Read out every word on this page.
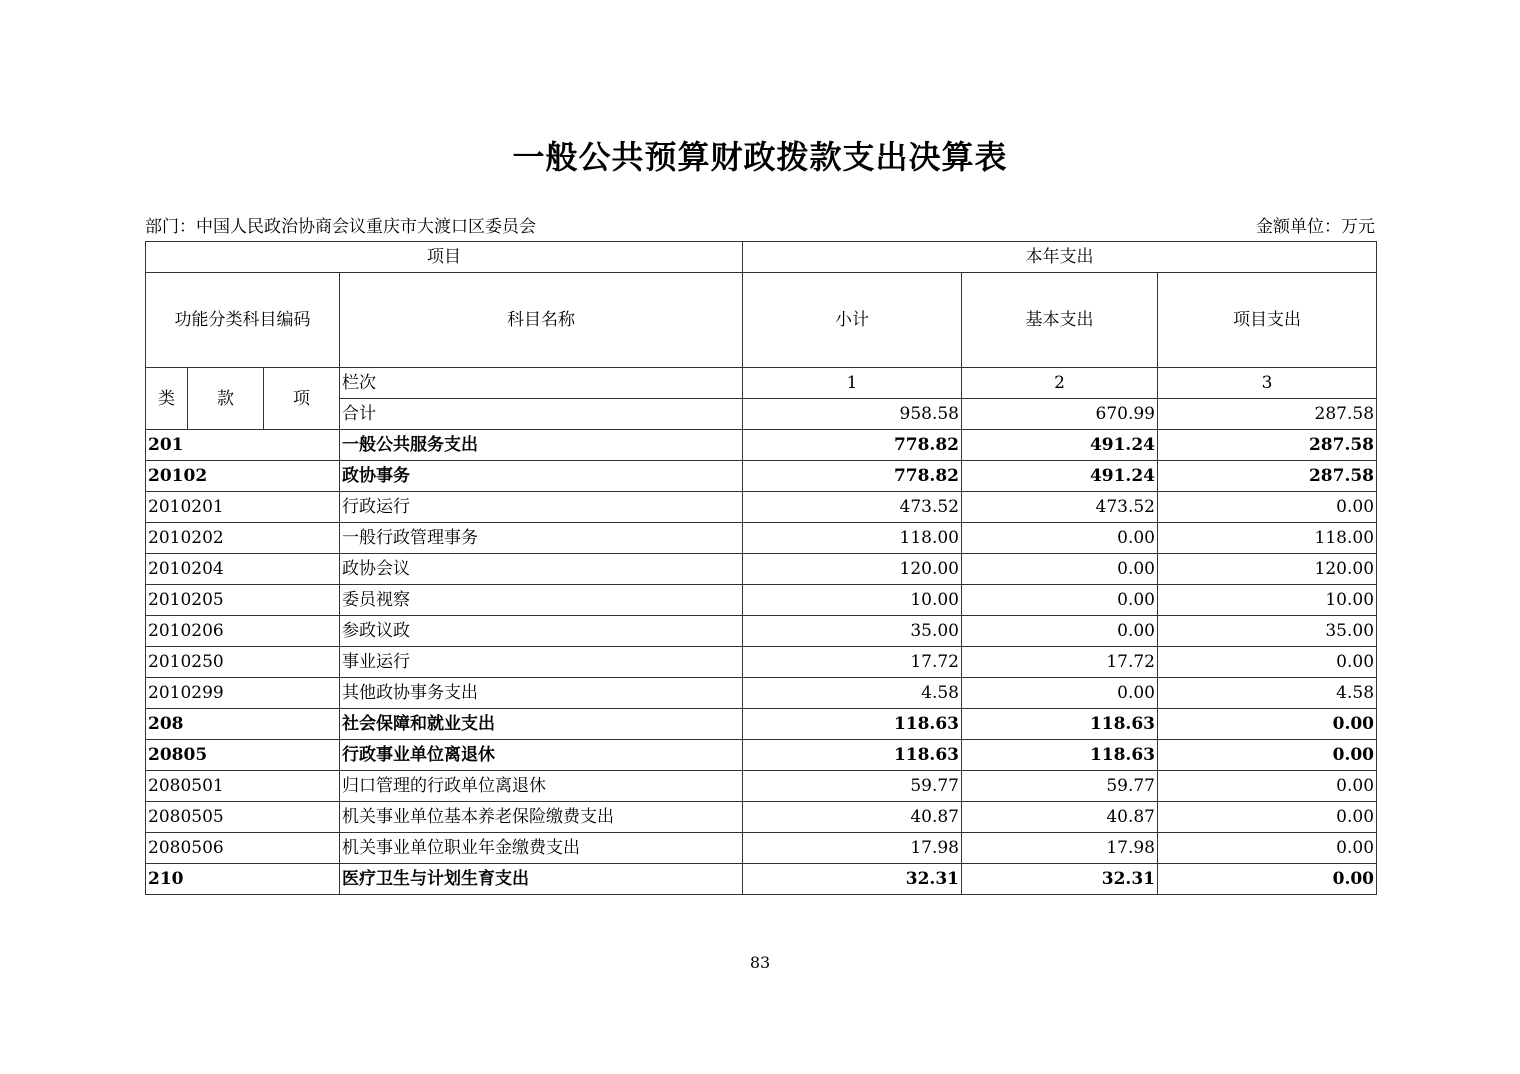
一般公共预算财政拨款支出决算表
部门：中国人民政治协商会议重庆市大渡口区委员会	金额单位：万元
项目				本年支出		
功能分类科目编码			科目名称	小计	基本支出	项目支出
类	款	项	栏次	1	2	3
			合计	958.58	670.99	287.58
201			一般公共服务支出	778.82	491.24	287.58
20102			政协事务	778.82	491.24	287.58
2010201			行政运行	473.52	473.52	0.00
2010202			一般行政管理事务	118.00	0.00	118.00
2010204			政协会议	120.00	0.00	120.00
2010205			委员视察	10.00	0.00	10.00
2010206			参政议政	35.00	0.00	35.00
2010250			事业运行	17.72	17.72	0.00
2010299			其他政协事务支出	4.58	0.00	4.58
208			社会保障和就业支出	118.63	118.63	0.00
20805			行政事业单位离退休	118.63	118.63	0.00
2080501			归口管理的行政单位离退休	59.77	59.77	0.00
2080505			机关事业单位基本养老保险缴费支出	40.87	40.87	0.00
2080506			机关事业单位职业年金缴费支出	17.98	17.98	0.00
210			医疗卫生与计划生育支出	32.31	32.31	0.00
83
